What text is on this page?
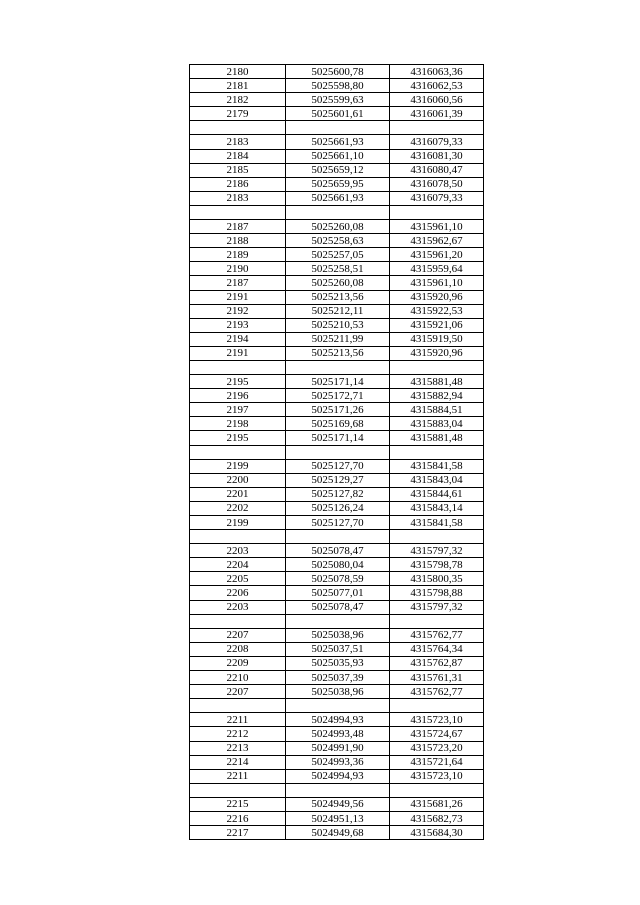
2180	5025600,78	4316063,36
2181	5025598,80	4316062,53
2182	5025599,63	4316060,56
2179	5025601,61	4316061,39

2183	5025661,93	4316079,33
2184	5025661,10	4316081,30
2185	5025659,12	4316080,47
2186	5025659,95	4316078,50
2183	5025661,93	4316079,33

2187	5025260,08	4315961,10
2188	5025258,63	4315962,67
2189	5025257,05	4315961,20
2190	5025258,51	4315959,64
2187	5025260,08	4315961,10
2191	5025213,56	4315920,96
2192	5025212,11	4315922,53
2193	5025210,53	4315921,06
2194	5025211,99	4315919,50
2191	5025213,56	4315920,96

2195	5025171,14	4315881,48
2196	5025172,71	4315882,94
2197	5025171,26	4315884,51
2198	5025169,68	4315883,04
2195	5025171,14	4315881,48

2199	5025127,70	4315841,58
2200	5025129,27	4315843,04
2201	5025127,82	4315844,61
2202	5025126,24	4315843,14
2199	5025127,70	4315841,58

2203	5025078,47	4315797,32
2204	5025080,04	4315798,78
2205	5025078,59	4315800,35
2206	5025077,01	4315798,88
2203	5025078,47	4315797,32

2207	5025038,96	4315762,77
2208	5025037,51	4315764,34
2209	5025035,93	4315762,87
2210	5025037,39	4315761,31
2207	5025038,96	4315762,77

2211	5024994,93	4315723,10
2212	5024993,48	4315724,67
2213	5024991,90	4315723,20
2214	5024993,36	4315721,64
2211	5024994,93	4315723,10

2215	5024949,56	4315681,26
2216	5024951,13	4315682,73
2217	5024949,68	4315684,30
